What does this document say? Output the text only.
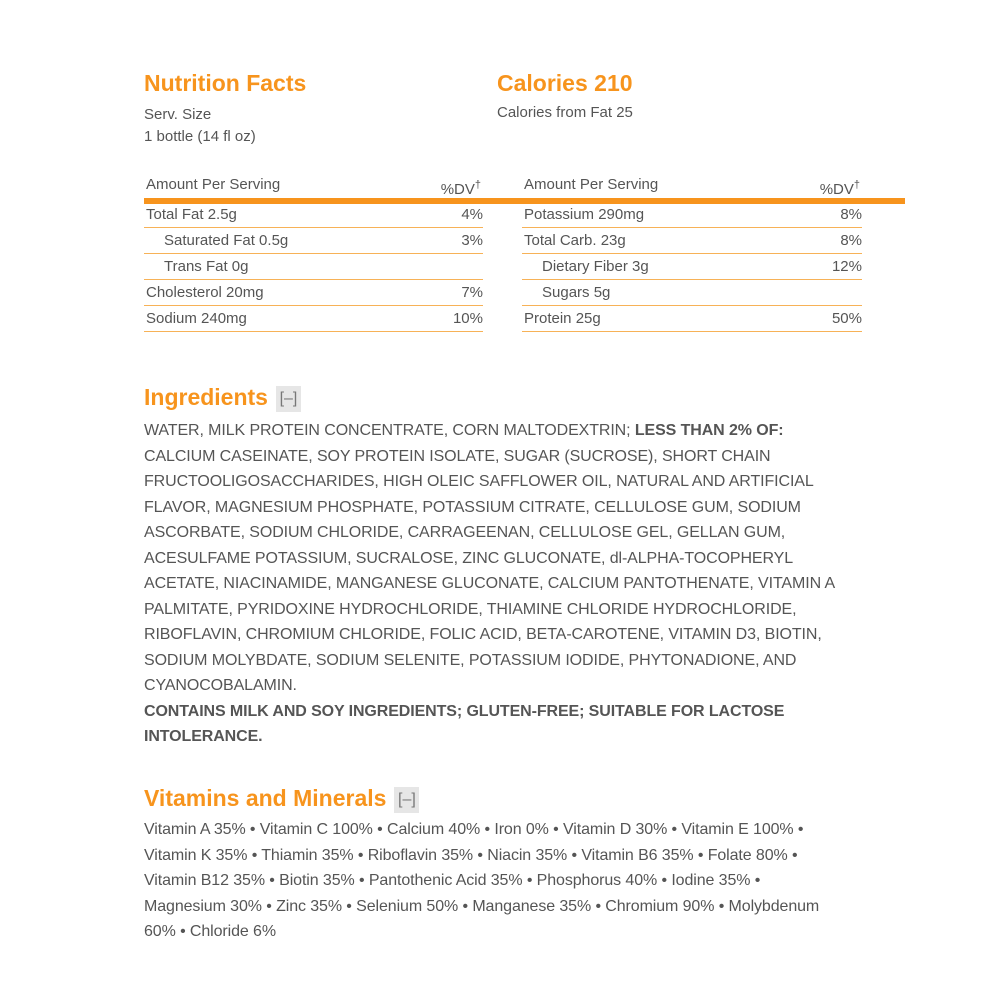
Nutrition Facts
Serv. Size
1 bottle (14 fl oz)
Calories 210
Calories from Fat 25
Amount Per Serving	%DV†
Total Fat 2.5g	4%
Saturated Fat 0.5g	3%
Trans Fat 0g
Cholesterol 20mg	7%
Sodium 240mg	10%
Amount Per Serving	%DV†
Potassium 290mg	8%
Total Carb. 23g	8%
Dietary Fiber 3g	12%
Sugars 5g
Protein 25g	50%
Ingredients [–]
WATER, MILK PROTEIN CONCENTRATE, CORN MALTODEXTRIN; LESS THAN 2% OF: CALCIUM CASEINATE, SOY PROTEIN ISOLATE, SUGAR (SUCROSE), SHORT CHAIN FRUCTOOLIGOSACCHARIDES, HIGH OLEIC SAFFLOWER OIL, NATURAL AND ARTIFICIAL FLAVOR, MAGNESIUM PHOSPHATE, POTASSIUM CITRATE, CELLULOSE GUM, SODIUM ASCORBATE, SODIUM CHLORIDE, CARRAGEENAN, CELLULOSE GEL, GELLAN GUM, ACESULFAME POTASSIUM, SUCRALOSE, ZINC GLUCONATE, dl-ALPHA-TOCOPHERYL ACETATE, NIACINAMIDE, MANGANESE GLUCONATE, CALCIUM PANTOTHENATE, VITAMIN A PALMITATE, PYRIDOXINE HYDROCHLORIDE, THIAMINE CHLORIDE HYDROCHLORIDE, RIBOFLAVIN, CHROMIUM CHLORIDE, FOLIC ACID, BETA-CAROTENE, VITAMIN D3, BIOTIN, SODIUM MOLYBDATE, SODIUM SELENITE, POTASSIUM IODIDE, PHYTONADIONE, AND CYANOCOBALAMIN.
CONTAINS MILK AND SOY INGREDIENTS; GLUTEN-FREE; SUITABLE FOR LACTOSE INTOLERANCE.
Vitamins and Minerals [–]
Vitamin A 35% • Vitamin C 100% • Calcium 40% • Iron 0% • Vitamin D 30% • Vitamin E 100% • Vitamin K 35% • Thiamin 35% • Riboflavin 35% • Niacin 35% • Vitamin B6 35% • Folate 80% • Vitamin B12 35% • Biotin 35% • Pantothenic Acid 35% • Phosphorus 40% • Iodine 35% • Magnesium 30% • Zinc 35% • Selenium 50% • Manganese 35% • Chromium 90% • Molybdenum 60% • Chloride 6%
